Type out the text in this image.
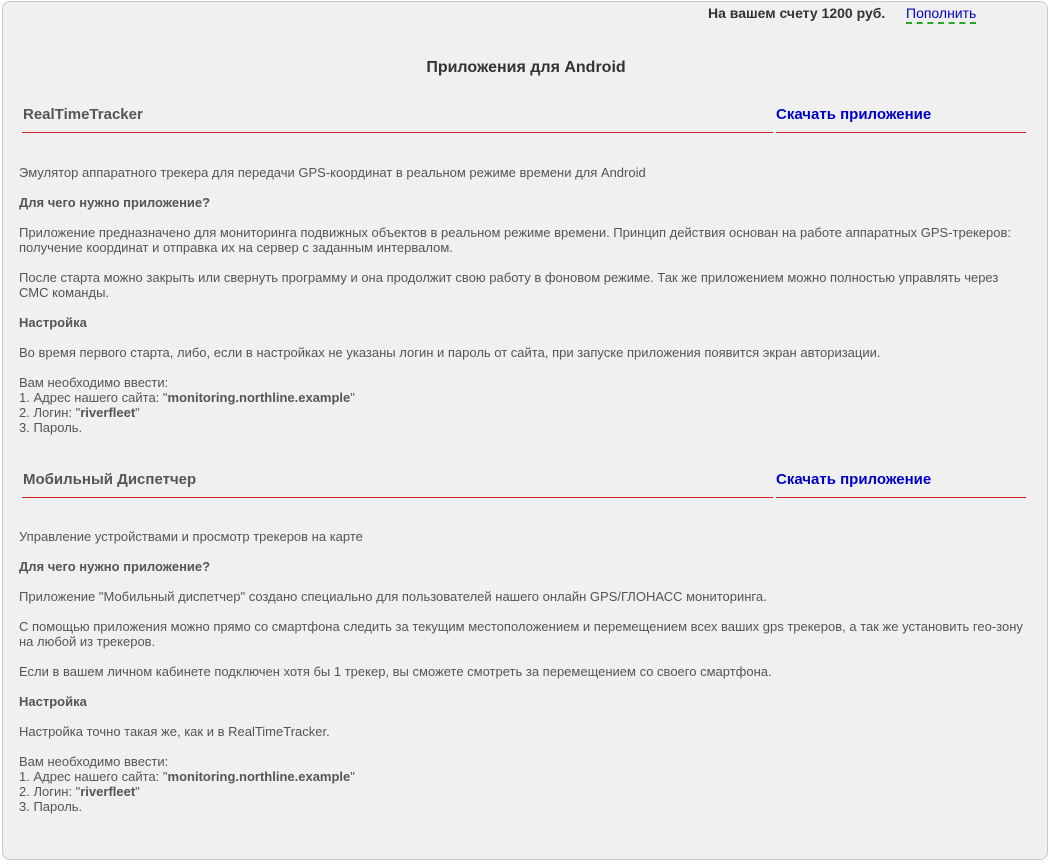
На вашем счету 1200 руб. Пополнить
Приложения для Android
RealTimeTracker	Скачать приложение

Эмулятор аппаратного трекера для передачи GPS-координат в реальном режиме времени для Android

Для чего нужно приложение?

Приложение предназначено для мониторинга подвижных объектов в реальном режиме времени. Принцип действия основан на работе аппаратных GPS-трекеров: получение координат и отправка их на сервер с заданным интервалом.

После старта можно закрыть или свернуть программу и она продолжит свою работу в фоновом режиме. Так же приложением можно полностью управлять через СМС команды.

Настройка

Во время первого старта, либо, если в настройках не указаны логин и пароль от сайта, при запуске приложения появится экран авторизации.

Вам необходимо ввести:
1. Адрес нашего сайта: "monitoring.northline.example"
2. Логин: "riverfleet"
3. Пароль.

Мобильный Диспетчер	Скачать приложение

Управление устройствами и просмотр трекеров на карте

Для чего нужно приложение?

Приложение "Мобильный диспетчер" создано специально для пользователей нашего онлайн GPS/ГЛОНАСС мониторинга.

С помощью приложения можно прямо со смартфона следить за текущим местоположением и перемещением всех ваших gps трекеров, а так же установить гео-зону на любой из трекеров.

Если в вашем личном кабинете подключен хотя бы 1 трекер, вы сможете смотреть за перемещением со своего смартфона.

Настройка

Настройка точно такая же, как и в RealTimeTracker.

Вам необходимо ввести:
1. Адрес нашего сайта: "monitoring.northline.example"
2. Логин: "riverfleet"
3. Пароль.
